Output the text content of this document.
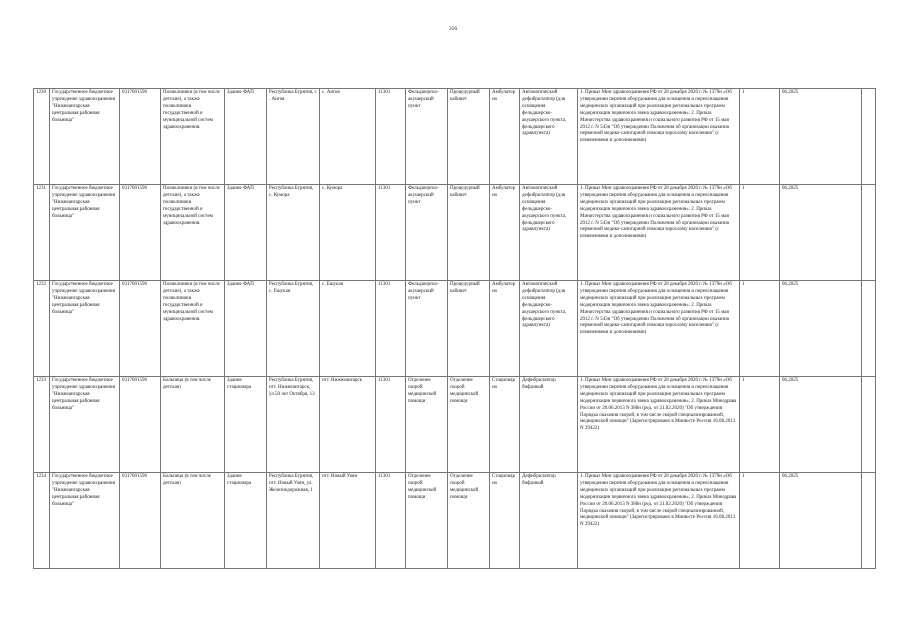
356
1230	Государственное бюджетное учреждение здравоохранения "Нижнеангарская центральная районная больница"	0317001596	Поликлиники (в том числе детские), а также поликлиники государственной и муниципальной систем здравоохранения.	Здание ФАП	Республика Бурятия, с . Ангоя	с. Ангоя	11301	Фельдшерско-акушерский пункт	Процедурный кабинет	Амбулаторно	Автоматический дефибриллятор (для оснащения фельдшерско-акушерского пункта, фельдшерского здравпункта)	1. Приказ Мин здравоохранения РФ от 28 декабря 2020 г. № 1379н «Об утверждении перечня оборудования для оснащения и переоснащения медицинских организаций при реализации региональных программ модернизации первичного звена здравоохранения». 2. Приказ Министерства здравоохранения и социального развития РФ от 15 мая 2012 г. N 543н "Об утверждении Положения об организации оказания первичной медико-санитарной помощи взрослому населению" (с изменениями и дополнениями)	1	06.2025	
1231	Государственное бюджетное учреждение здравоохранения "Нижнеангарская центральная районная больница"	0317001596	Поликлиники (в том числе детские), а также поликлиники государственной и муниципальной систем здравоохранения.	Здание ФАП	Республика Бурятия, с. Кумора	с. Кумора	11301	Фельдшерско-акушерский пункт	Процедурный кабинет	Амбулаторно	Автоматический дефибриллятор (для оснащения фельдшерско-акушерского пункта, фельдшерского здравпункта)	1. Приказ Мин здравоохранения РФ от 28 декабря 2020 г. № 1379н «Об утверждении перечня оборудования для оснащения и переоснащения медицинских организаций при реализации региональных программ модернизации первичного звена здравоохранения». 2. Приказ Министерства здравоохранения и социального развития РФ от 15 мая 2012 г. N 543н "Об утверждении Положения об организации оказания первичной медико-санитарной помощи взрослому населению" (с изменениями и дополнениями)	1	06.2025	
1232	Государственное бюджетное учреждение здравоохранения "Нижнеангарская центральная районная больница"	0317001596	Поликлиники (в том числе детские), а также поликлиники государственной и муниципальной систем здравоохранения.	Здание ФАП	Республика Бурятия, с. Ешукан	с. Ешукан	11301	Фельдшерско-акушерский пункт	Процедурный кабинет	Амбулаторно	Автоматический дефибриллятор (для оснащения фельдшерско-акушерского пункта, фельдшерского здравпункта)	1. Приказ Мин здравоохранения РФ от 28 декабря 2020 г. № 1379н «Об утверждении перечня оборудования для оснащения и переоснащения медицинских организаций при реализации региональных программ модернизации первичного звена здравоохранения». 2. Приказ Министерства здравоохранения и социального развития РФ от 15 мая 2012 г. N 543н "Об утверждении Положения об организации оказания первичной медико-санитарной помощи взрослому населению" (с изменениями и дополнениями)	1	06.2025	
1233	Государственное бюджетное учреждение здравоохранения "Нижнеангарская центральная районная больница"	0317001596	Больница (в том числе детская)	Здание стационара	Республика Бурятия, пгт. Нижнеангарск, ул.50 лет Октября, 13	пгт. Нижнеангарск	11301	Отделение скорой медицинской помощи	Отделение скорой медицинской помощи	Стационарно	Дефибриллятор бифазный	1. Приказ Мин здравоохранения РФ от 28 декабря 2020 г. № 1379н «Об утверждении перечня оборудования для оснащения и переоснащения медицинских организаций при реализации региональных программ модернизации первичного звена здравоохранения». 2. Приказ Минздрава России от 20.06.2013 N 388н (ред. от 21.02.2020) "Об утверждении Порядка оказания скорой, в том числе скорой специализированной, медицинской помощи" (Зарегистрировано в Минюсте России 16.08.2013 N 29422)	1	06.2025	
1234	Государственное бюджетное учреждение здравоохранения "Нижнеангарская центральная районная больница"	0317001596	Больница (в том числе детская)	Здание стационара	Республика Бурятия, пгт. Новый Уоян, ул. Железнодорожная, 1	пгт. Новый Уоян	11301	Отделение скорой медицинской помощи	Отделение скорой медицинской помощи	Стационарно	Дефибриллятор бифазный	1. Приказ Мин здравоохранения РФ от 28 декабря 2020 г. № 1379н «Об утверждении перечня оборудования для оснащения и переоснащения медицинских организаций при реализации региональных программ модернизации первичного звена здравоохранения». 2. Приказ Минздрава России от 20.06.2013 N 388н (ред. от 21.02.2020) "Об утверждении Порядка оказания скорой, в том числе скорой специализированной, медицинской помощи" (Зарегистрировано в Минюсте России 16.08.2013 N 29422)	1	06.2025	
